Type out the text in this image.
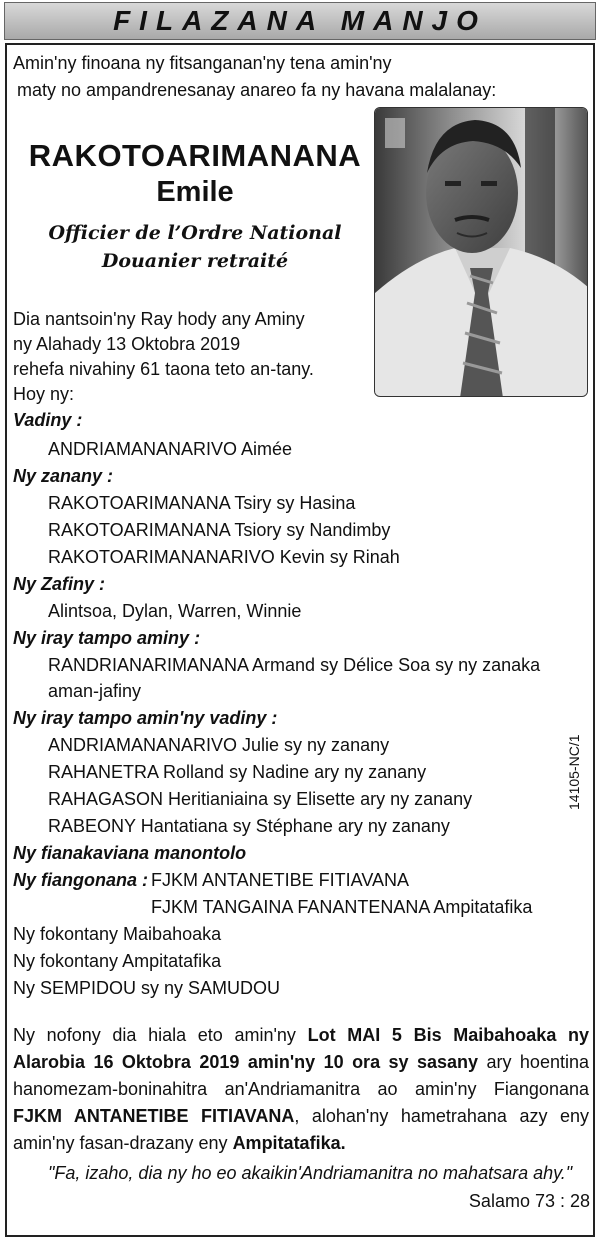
FILAZANA MANJO
Amin'ny finoana ny fitsanganan'ny tena amin'ny
maty no ampandrenesanay anareo fa ny havana malalanay:
RAKOTOARIMANANA
Emile
Officier de l’Ordre National
Douanier retraité
Dia nantsoin'ny Ray hody any Aminy
ny Alahady 13 Oktobra 2019
rehefa nivahiny 61 taona teto an-tany.
Hoy ny:
Vadiny :
ANDRIAMANANARIVO Aimée
Ny zanany :
RAKOTOARIMANANA Tsiry sy Hasina
RAKOTOARIMANANA Tsiory sy Nandimby
RAKOTOARIMANANARIVO Kevin sy Rinah
Ny Zafiny :
Alintsoa, Dylan, Warren, Winnie
Ny iray tampo aminy :
RANDRIANARIMANANA Armand sy Délice Soa sy ny zanaka
aman-jafiny
Ny iray tampo amin'ny vadiny :
ANDRIAMANANARIVO Julie sy ny zanany
RAHANETRA Rolland sy Nadine ary ny zanany
RAHAGASON Heritianiaina sy Elisette ary ny zanany
RABEONY Hantatiana sy Stéphane ary ny zanany
Ny fianakaviana manontolo
Ny fiangonana : FJKM ANTANETIBE FITIAVANA
FJKM TANGAINA FANANTENANA Ampitatafika
Ny fokontany Maibahoaka
Ny fokontany Ampitatafika
Ny SEMPIDOU sy ny SAMUDOU
14105-NC/1
Ny nofony dia hiala eto amin'ny Lot MAI 5 Bis Maibahoaka ny Alarobia 16 Oktobra 2019 amin'ny 10 ora sy sasany ary hoentina hanomezam-boninahitra an'Andriamanitra ao amin'ny Fiangonana FJKM ANTANETIBE FITIAVANA, alohan'ny hametrahana azy eny amin'ny fasan-drazany eny Ampitatafika.
"Fa, izaho, dia ny ho eo akaikin'Andriamanitra no mahatsara ahy."
Salamo 73 : 28
